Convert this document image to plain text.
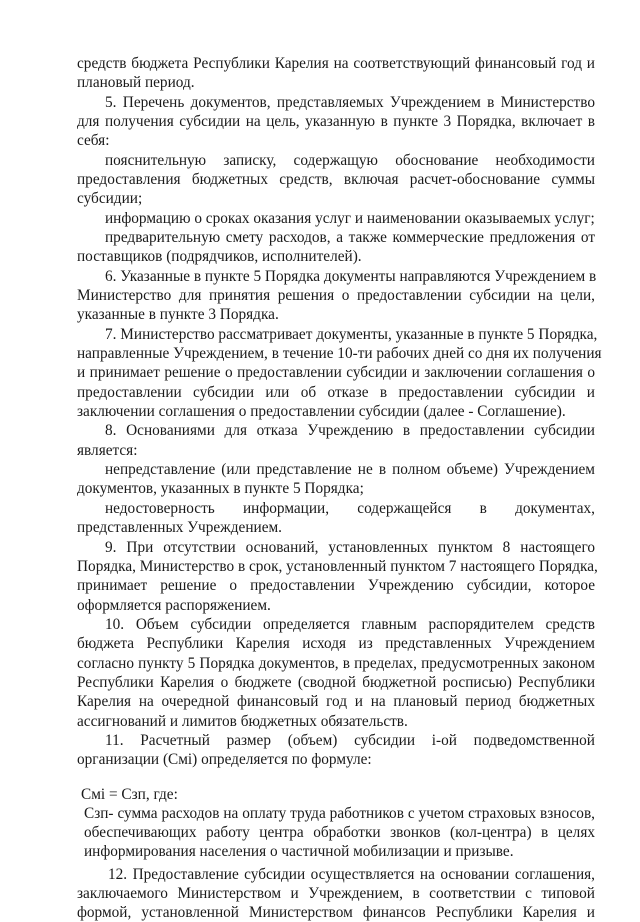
средств бюджета Республики Карелия на соответствующий финансовый год и
плановый период.
5. Перечень документов, представляемых Учреждением в Министерство
для получения субсидии на цель, указанную в пункте 3 Порядка, включает в
себя:
пояснительную записку, содержащую обоснование необходимости
предоставления бюджетных средств, включая расчет-обоснование суммы
субсидии;
информацию о сроках оказания услуг и наименовании оказываемых услуг;
предварительную смету расходов, а также коммерческие предложения от
поставщиков (подрядчиков, исполнителей).
6. Указанные в пункте 5 Порядка документы направляются Учреждением в
Министерство для принятия решения о предоставлении субсидии на цели,
указанные в пункте 3 Порядка.
7. Министерство рассматривает документы, указанные в пункте 5 Порядка,
направленные Учреждением, в течение 10-ти рабочих дней со дня их получения
и принимает решение о предоставлении субсидии и заключении соглашения о
предоставлении субсидии или об отказе в предоставлении субсидии и
заключении соглашения о предоставлении субсидии (далее - Соглашение).
8. Основаниями для отказа Учреждению в предоставлении субсидии
является:
непредставление (или представление не в полном объеме) Учреждением
документов, указанных в пункте 5 Порядка;
недостоверность информации, содержащейся в документах,
представленных Учреждением.
9. При отсутствии оснований, установленных пунктом 8 настоящего
Порядка, Министерство в срок, установленный пунктом 7 настоящего Порядка,
принимает решение о предоставлении Учреждению субсидии, которое
оформляется распоряжением.
10. Объем субсидии определяется главным распорядителем средств
бюджета Республики Карелия исходя из представленных Учреждением
согласно пункту 5 Порядка документов, в пределах, предусмотренных законом
Республики Карелия о бюджете (сводной бюджетной росписью) Республики
Карелия на очередной финансовый год и на плановый период бюджетных
ассигнований и лимитов бюджетных обязательств.
11. Расчетный размер (объем) субсидии i-ой подведомственной
организации (Cмi) определяется по формуле:
Cмi = Cзп, где:
Cзп- сумма расходов на оплату труда работников с учетом страховых взносов,
обеспечивающих работу центра обработки звонков (кол-центра) в целях
информирования населения о частичной мобилизации и призыве.
12. Предоставление субсидии осуществляется на основании соглашения,
заключаемого Министерством и Учреждением, в соответствии с типовой
формой, установленной Министерством финансов Республики Карелия и
